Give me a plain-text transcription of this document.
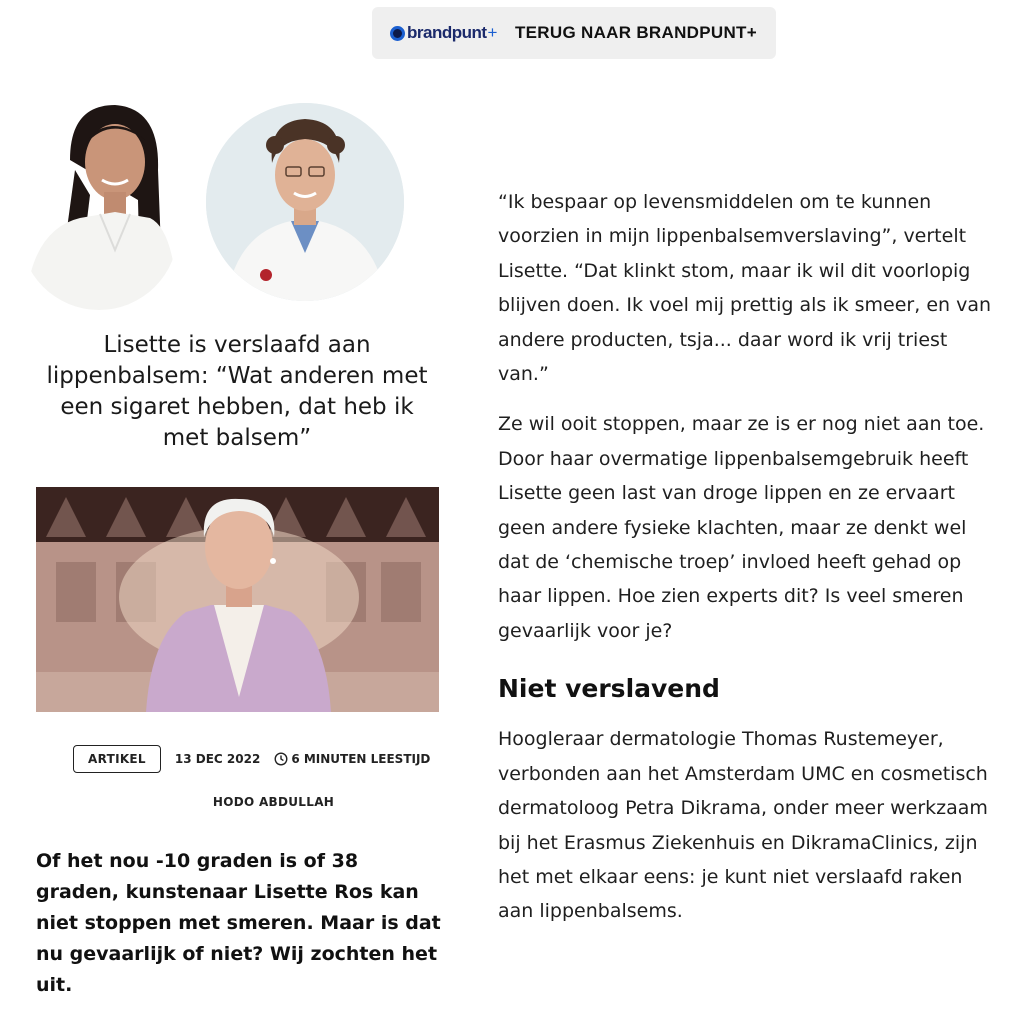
brandpunt + TERUG NAAR BRANDPUNT+
Lisette is verslaafd aan lippenbalsem: “Wat anderen met een sigaret hebben, dat heb ik met balsem”
ARTIKEL	13 DEC 2022	6 MINUTEN LEESTIJD
HODO ABDULLAH
Of het nou -10 graden is of 38 graden, kunstenaar Lisette Ros kan niet stoppen met smeren. Maar is dat nu gevaarlijk of niet? Wij zochten het uit.

“Ik bespaar op levensmiddelen om te kunnen voorzien in mijn lippenbalsemverslaving”, vertelt Lisette. “Dat klinkt stom, maar ik wil dit voorlopig blijven doen. Ik voel mij prettig als ik smeer, en van andere producten, tsja... daar word ik vrij triest van.”

Ze wil ooit stoppen, maar ze is er nog niet aan toe. Door haar overmatige lippenbalsemgebruik heeft Lisette geen last van droge lippen en ze ervaart geen andere fysieke klachten, maar ze denkt wel dat de ‘chemische troep’ invloed heeft gehad op haar lippen. Hoe zien experts dit? Is veel smeren gevaarlijk voor je?

Niet verslavend

Hoogleraar dermatologie Thomas Rustemeyer, verbonden aan het Amsterdam UMC en cosmetisch dermatoloog Petra Dikrama, onder meer werkzaam bij het Erasmus Ziekenhuis en DikramaClinics, zijn het met elkaar eens: je kunt niet verslaafd raken aan lippenbalsems.
